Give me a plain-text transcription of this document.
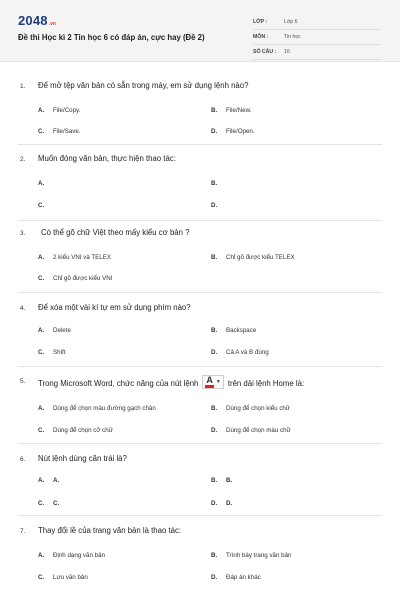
2048 .vn
Đề thi Học kì 2 Tin học 6 có đáp án, cực hay (Đề 2)
LỚP :	Lớp 6
MÔN :	Tin học
SỐ CÂU :	16
1. Để mở tệp văn bản có sẵn trong máy, em sử dụng lệnh nào?
A.	File/Copy.	B.	File/New.
C.	File/Save.	D.	File/Open.
2. Muốn đóng văn bản, thực hiện thao tác:
A.	B.
C.	D.
3. Có thể gõ chữ Việt theo mấy kiểu cơ bản ?
A.	2 kiểu VNI và TELEX	B.	Chỉ gõ được kiểu TELEX
C.	Chỉ gõ được kiểu VNI
4. Để xóa một vài kí tự em sử dụng phím nào?
A.	Delete	B.	Backspace
C.	Shift	D.	Cả A và B đúng
5. Trong Microsoft Word, chức năng của nút lệnh A ▼ trên dải lệnh Home là:
A.	Dùng để chọn màu đường gạch chân	B.	Dùng để chọn kiểu chữ
C.	Dùng để chọn cỡ chữ	D.	Dùng để chọn màu chữ
6. Nút lệnh dùng căn trái là?
A.	A.	B.	B.
C.	C.	D.	D.
7. Thay đổi lề của trang văn bản là thao tác:
A.	Định dạng văn bản	B.	Trình bày trang văn bản
C.	Lưu văn bản	D.	Đáp án khác
